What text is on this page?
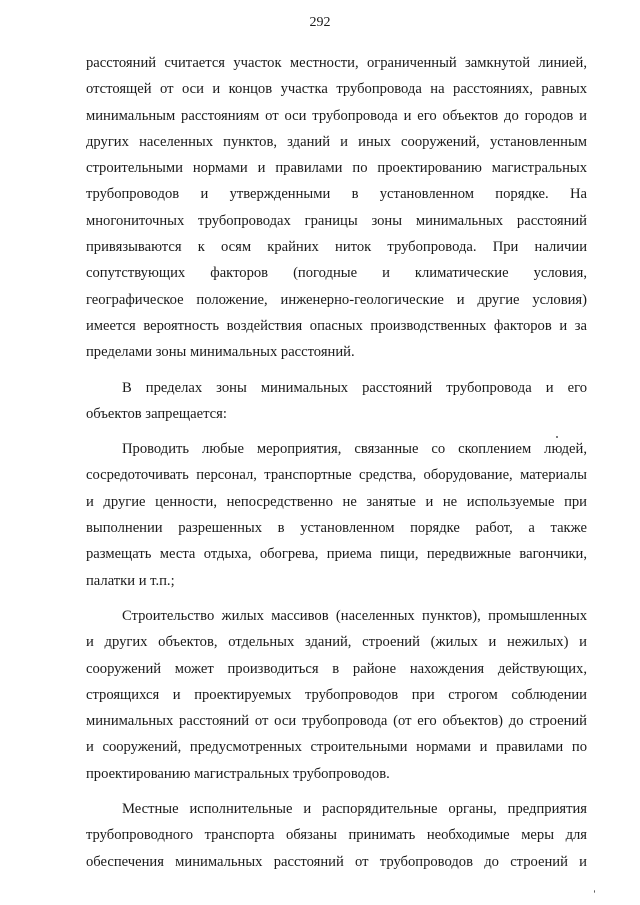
292
расстояний считается участок местности, ограниченный замкнутой линией,
отстоящей от оси и концов участка трубопровода на расстояниях, равных
минимальным расстояниям от оси трубопровода и его объектов до городов и
других населенных пунктов, зданий и иных сооружений, установленным
строительными нормами и правилами по проектированию магистральных
трубопроводов и утвержденными в установленном порядке. На
многониточных трубопроводах границы зоны минимальных расстояний
привязываются к осям крайних ниток трубопровода. При наличии
сопутствующих факторов (погодные и климатические условия,
географическое положение, инженерно-геологические и другие условия)
имеется вероятность воздействия опасных производственных факторов и за
пределами зоны минимальных расстояний.
В пределах зоны минимальных расстояний трубопровода и его
объектов запрещается:
Проводить любые мероприятия, связанные со скоплением людей,
сосредоточивать персонал, транспортные средства, оборудование, материалы
и другие ценности, непосредственно не занятые и не используемые при
выполнении разрешенных в установленном порядке работ, а также
размещать места отдыха, обогрева, приема пищи, передвижные вагончики,
палатки и т.п.;
Строительство жилых массивов (населенных пунктов), промышленных
и других объектов, отдельных зданий, строений (жилых и нежилых) и
сооружений может производиться в районе нахождения действующих,
строящихся и проектируемых трубопроводов при строгом соблюдении
минимальных расстояний от оси трубопровода (от его объектов) до строений
и сооружений, предусмотренных строительными нормами и правилами по
проектированию магистральных трубопроводов.
Местные исполнительные и распорядительные органы, предприятия
трубопроводного транспорта обязаны принимать необходимые меры для
обеспечения минимальных расстояний от трубопроводов до строений и
